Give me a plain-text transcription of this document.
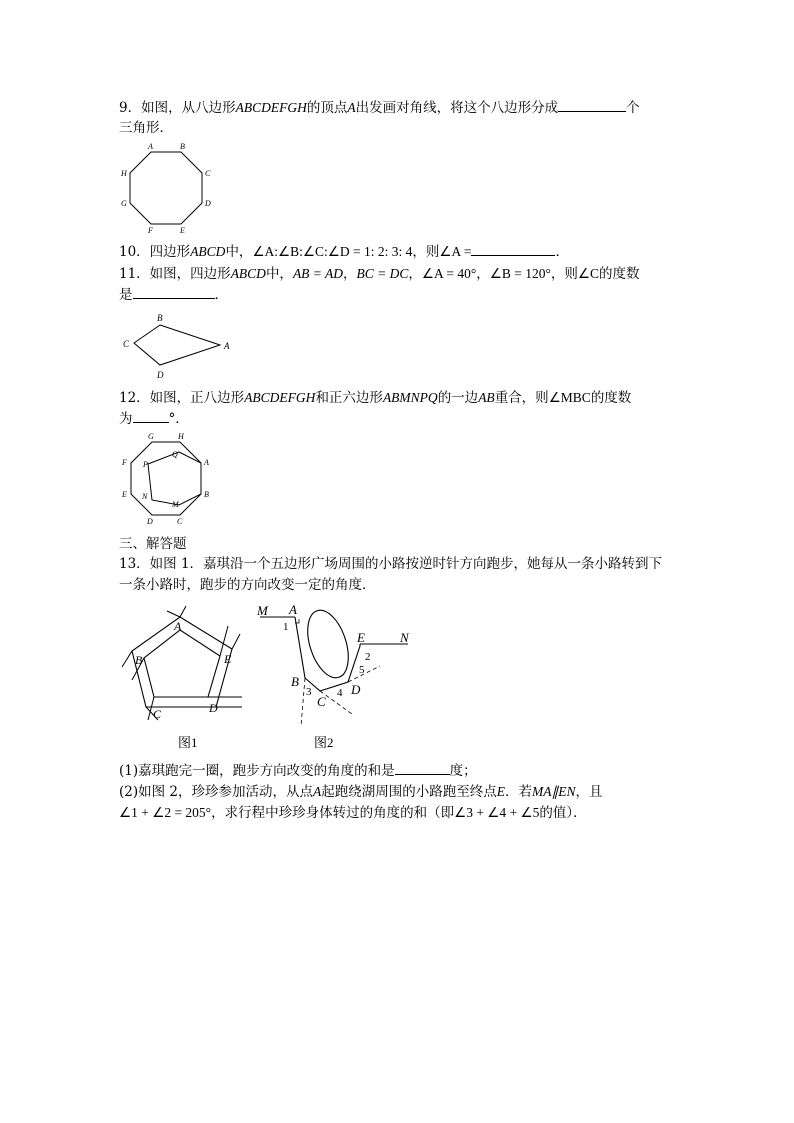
9．如图，从八边形ABCDEFGH的顶点A出发画对角线，将这个八边形分成	个
三角形．
A	B
C
D
E
F
G
H
10．四边形ABCD中，∠A:∠B:∠C:∠D = 1: 2: 3: 4，则∠A =	．
11．如图，四边形ABCD中，AB = AD，BC = DC，∠A = 40°，∠B = 120°，则∠C的度数
是	．
B
C	A
D
12．如图，正八边形ABCDEFGH和正六边形ABMNPQ的一边AB重合，则∠MBC的度数
为	°．
G	H
F P
Q
A
E N
M
B
D	C
三、解答题
13．如图 1．嘉琪沿一个五边形广场周围的小路按逆时针方向跑步，她每从一条小路转到下
一条小路时，跑步的方向改变一定的角度．
A
B	E
C	D
图1
M A
1
E	N
2
5
B
3
C
4 D
图2
(1)嘉琪跑完一圈，跑步方向改变的角度的和是	度；
(2)如图 2，珍珍参加活动，从点A起跑绕湖周围的小路跑至终点E．若MA∥EN，且
∠1 + ∠2 = 205°，求行程中珍珍身体转过的角度的和（即∠3 + ∠4 + ∠5的值）．
